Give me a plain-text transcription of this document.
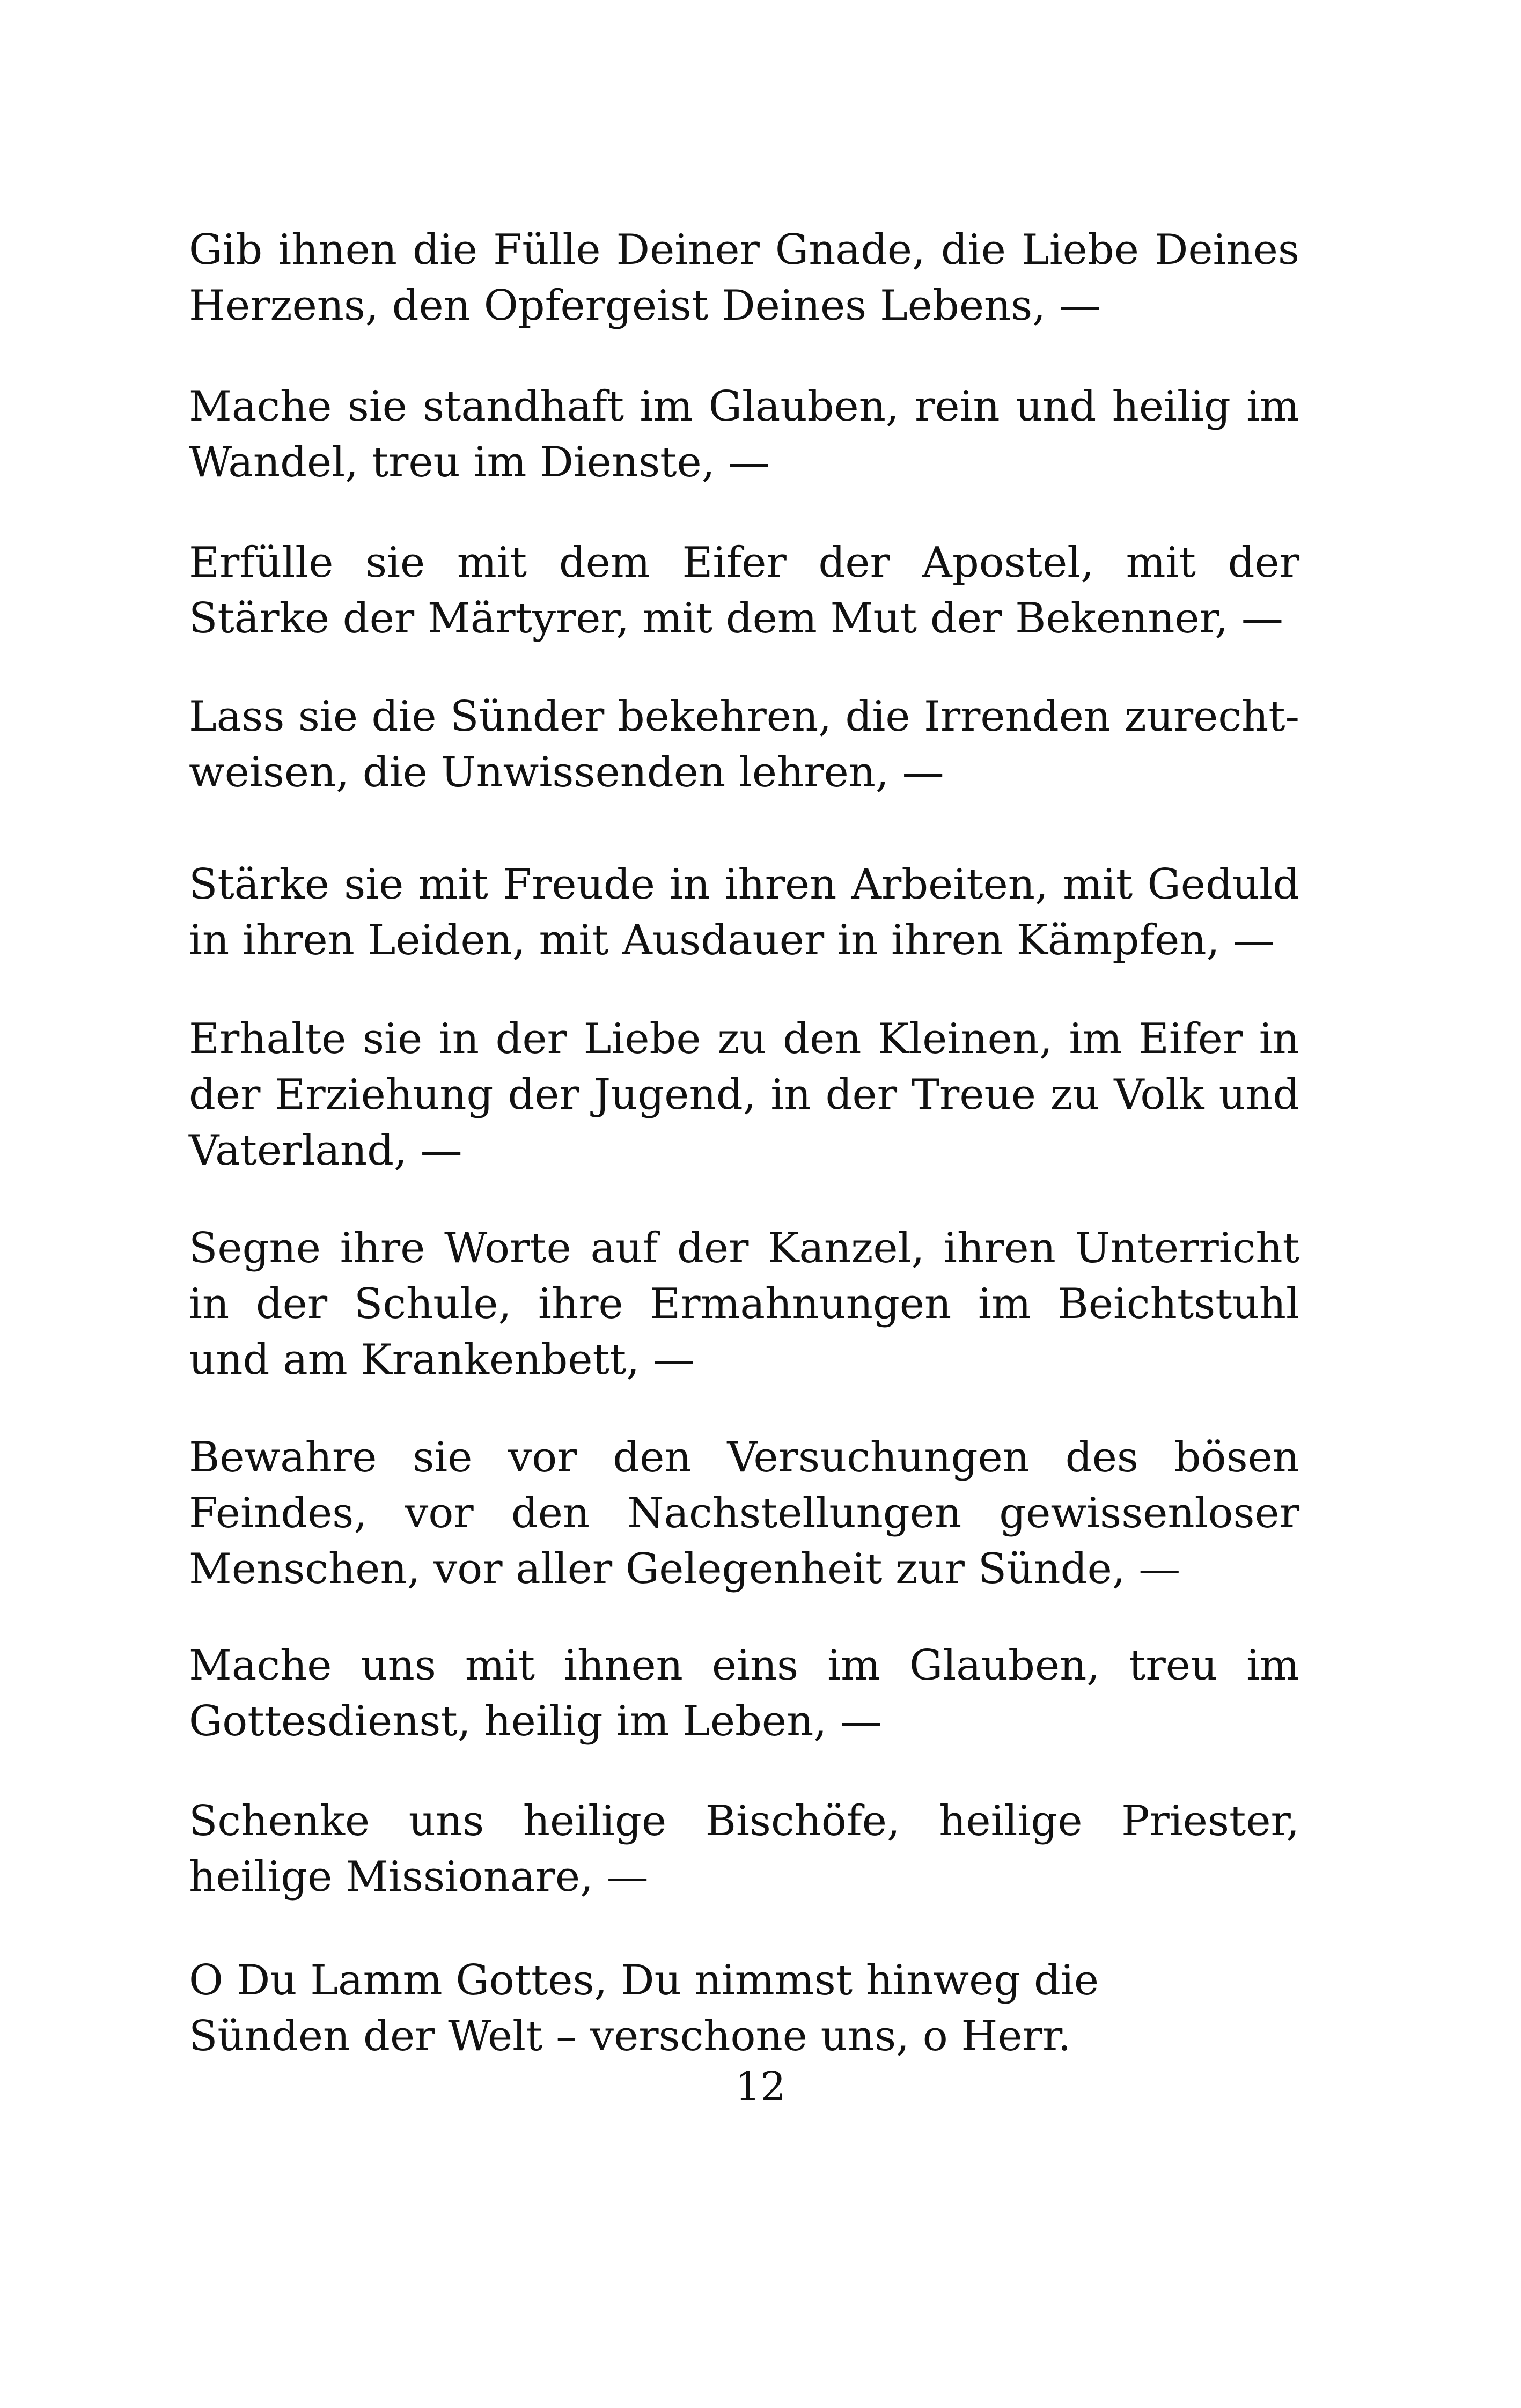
Gib ihnen die Fülle Deiner Gnade, die Liebe Deines Herzens, den Opfergeist Deines Lebens, —

Mache sie standhaft im Glauben, rein und heilig im Wandel, treu im Dienste, —

Erfülle sie mit dem Eifer der Apostel, mit der Stärke der Märtyrer, mit dem Mut der Bekenner, —

Lass sie die Sünder bekehren, die Irrenden zurecht-weisen, die Unwissenden lehren, —

Stärke sie mit Freude in ihren Arbeiten, mit Geduld in ihren Leiden, mit Ausdauer in ihren Kämpfen, —

Erhalte sie in der Liebe zu den Kleinen, im Eifer in der Erziehung der Jugend, in der Treue zu Volk und Vaterland, —

Segne ihre Worte auf der Kanzel, ihren Unterricht in der Schule, ihre Ermahnungen im Beichtstuhl und am Krankenbett, —

Bewahre sie vor den Versuchungen des bösen Feindes, vor den Nachstellungen gewissenloser Menschen, vor aller Gelegenheit zur Sünde, —

Mache uns mit ihnen eins im Glauben, treu im Gottesdienst, heilig im Leben, —

Schenke uns heilige Bischöfe, heilige Priester, heilige Missionare, —

O Du Lamm Gottes, Du nimmst hinweg die Sünden der Welt – verschone uns, o Herr.

12
